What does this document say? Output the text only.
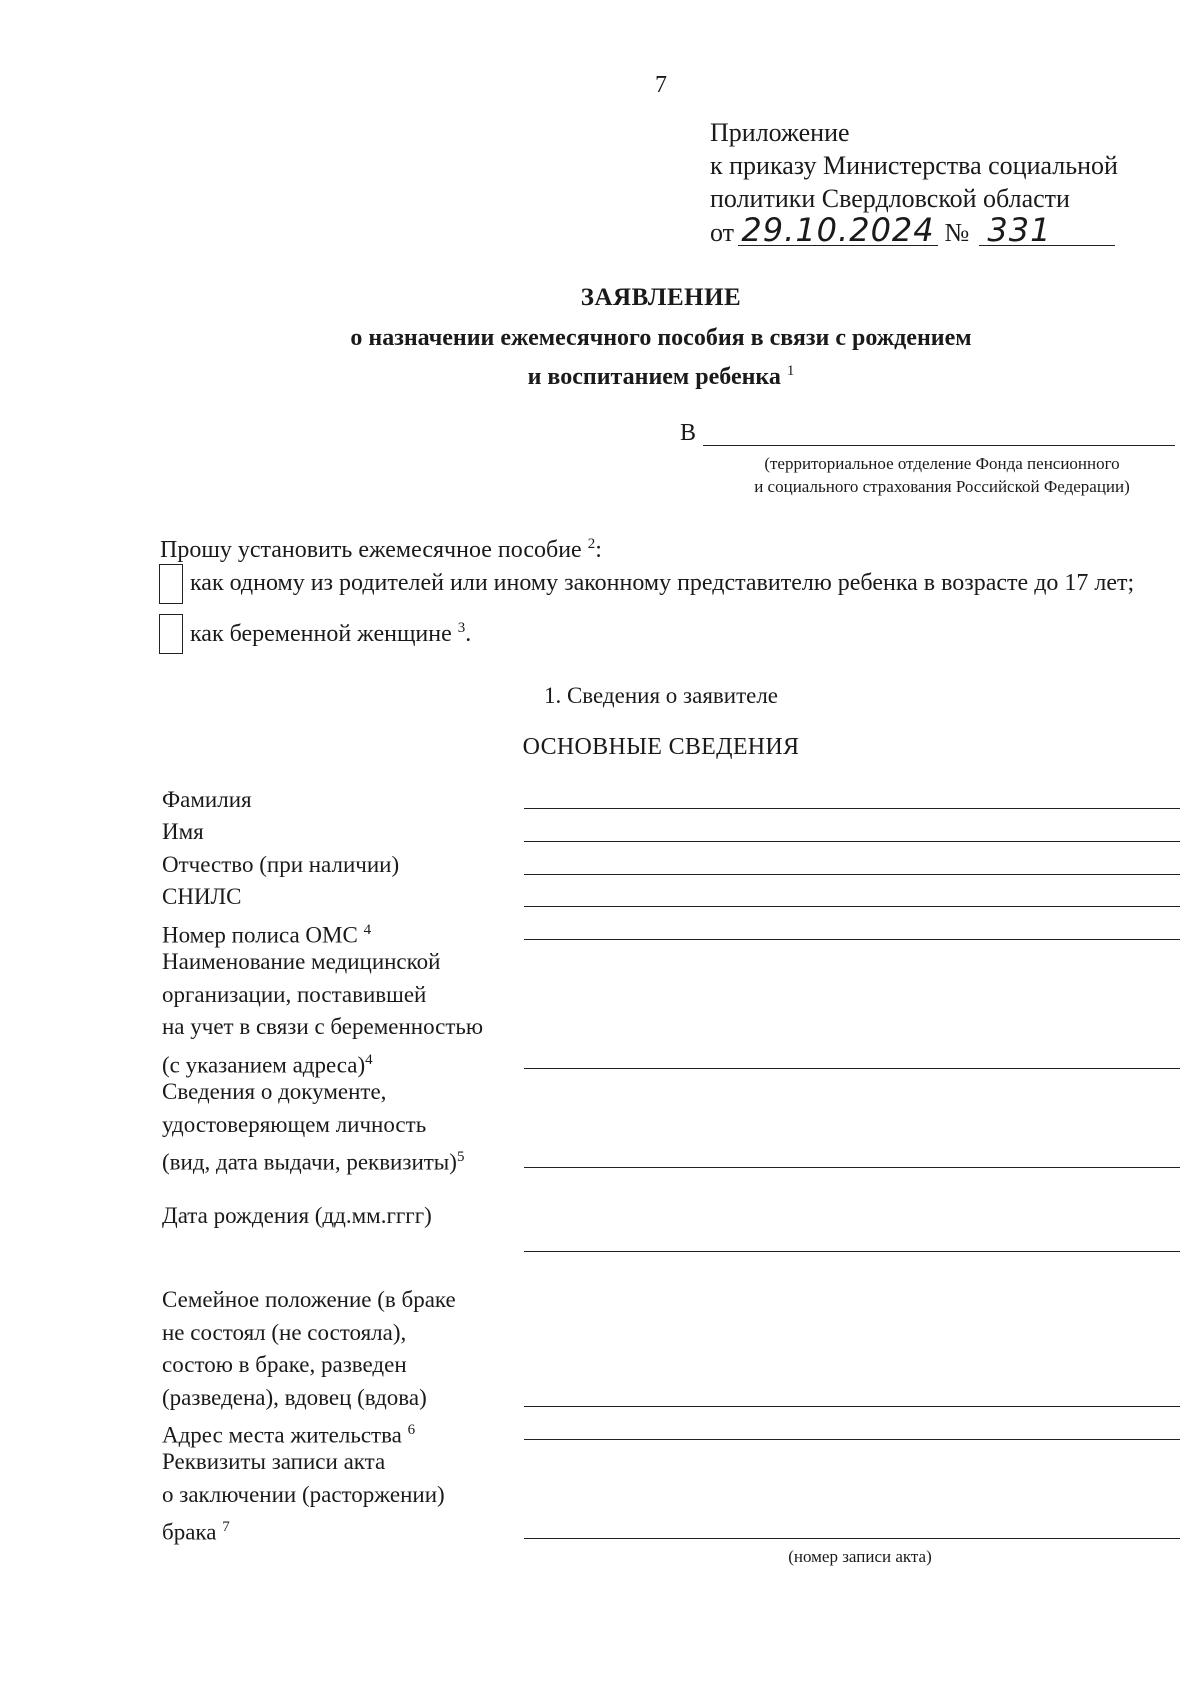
7
Приложение
к приказу Министерства социальной
политики Свердловской области
от 29.10.2024 № 331
ЗАЯВЛЕНИЕ
о назначении ежемесячного пособия в связи с рождением
и воспитанием ребенка $^1$
В
(территориальное отделение Фонда пенсионного
и социального страхования Российской Федерации)
Прошу установить ежемесячное пособие $^2$:
как одному из родителей или иному законному представителю ребенка в возрасте до 17 лет;
как беременной женщине $^3$.
1. Сведения о заявителе
ОСНОВНЫЕ СВЕДЕНИЯ
Фамилия
Имя
Отчество (при наличии)
СНИЛС
Номер полиса ОМС $^4$
Наименование медицинской
организации, поставившей
на учет в связи с беременностью
(с указанием адреса)$^4$
Сведения о документе,
удостоверяющем личность
(вид, дата выдачи, реквизиты)$^5$
Дата рождения (дд.мм.гггг)
Семейное положение (в браке
не состоял (не состояла),
состою в браке, разведен
(разведена), вдовец (вдова)
Адрес места жительства $^6$
Реквизиты записи акта
о заключении (расторжении)
брака $^7$
(номер записи акта)
